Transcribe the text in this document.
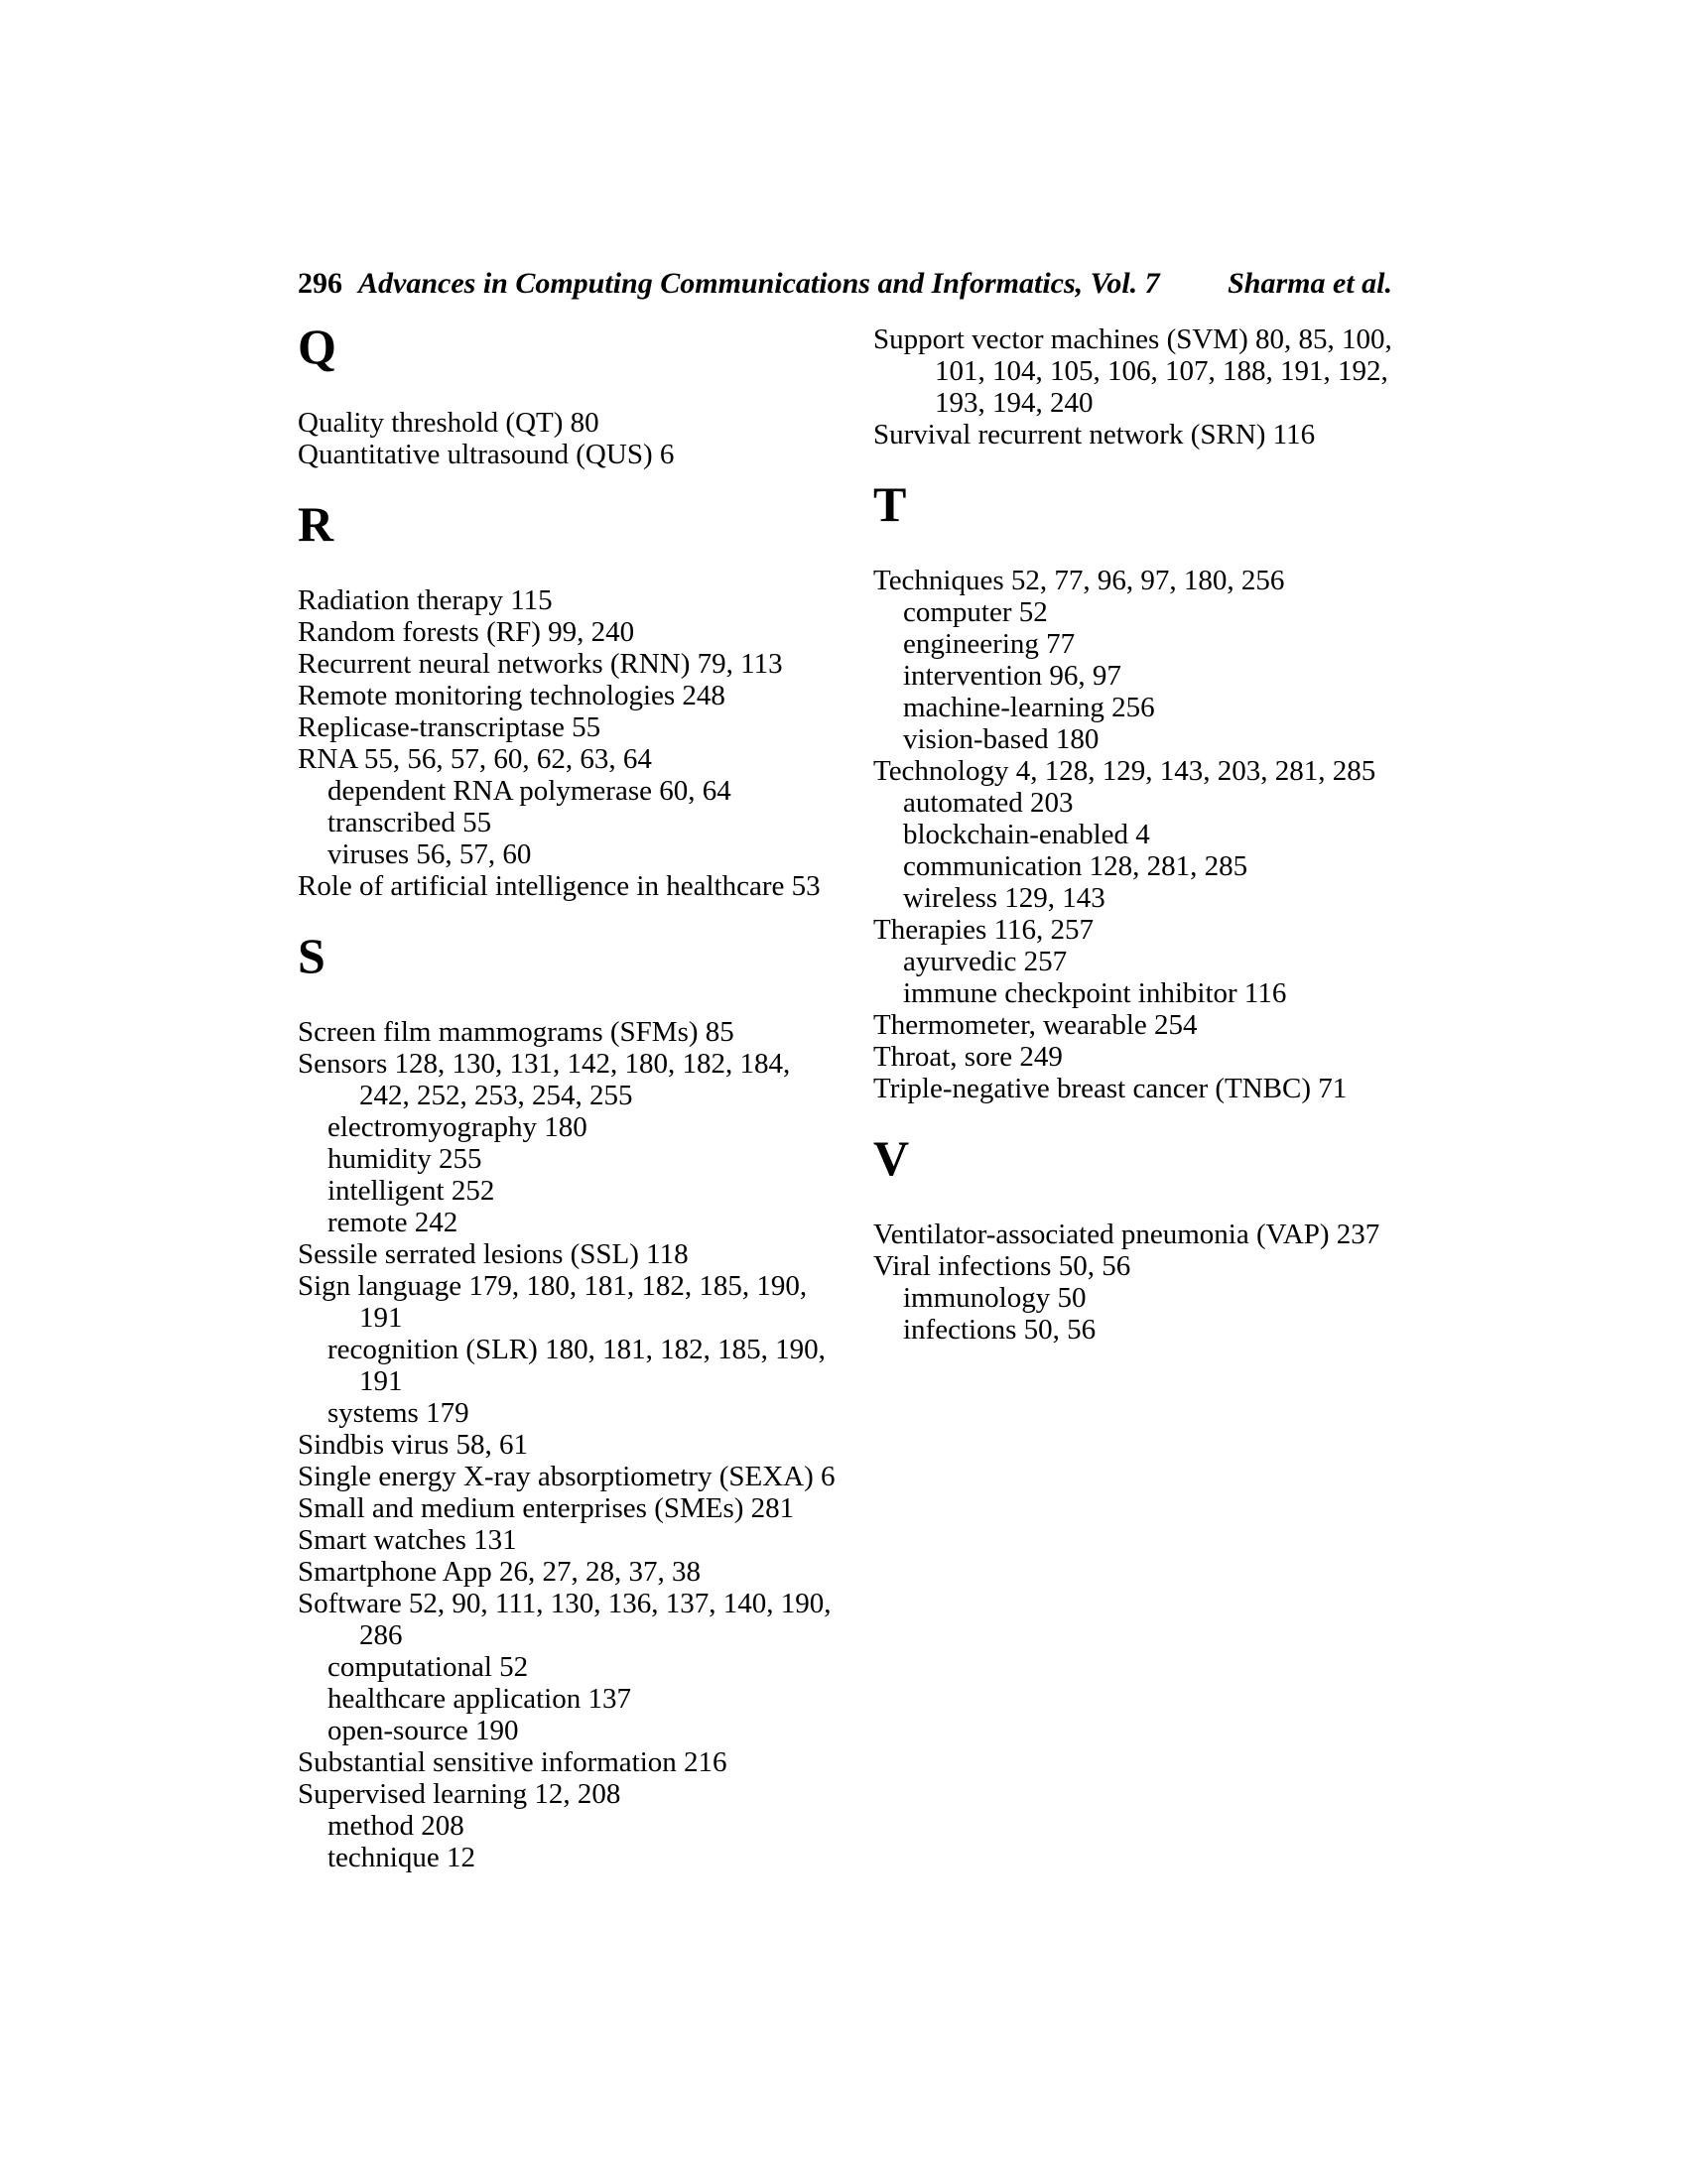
296 Advances in Computing Communications and Informatics, Vol. 7 Sharma et al.
Q
Quality threshold (QT) 80
Quantitative ultrasound (QUS) 6
R
Radiation therapy 115
Random forests (RF) 99, 240
Recurrent neural networks (RNN) 79, 113
Remote monitoring technologies 248
Replicase-transcriptase 55
RNA 55, 56, 57, 60, 62, 63, 64
dependent RNA polymerase 60, 64
transcribed 55
viruses 56, 57, 60
Role of artificial intelligence in healthcare 53
S
Screen film mammograms (SFMs) 85
Sensors 128, 130, 131, 142, 180, 182, 184,
242, 252, 253, 254, 255
electromyography 180
humidity 255
intelligent 252
remote 242
Sessile serrated lesions (SSL) 118
Sign language 179, 180, 181, 182, 185, 190,
191
recognition (SLR) 180, 181, 182, 185, 190,
191
systems 179
Sindbis virus 58, 61
Single energy X-ray absorptiometry (SEXA) 6
Small and medium enterprises (SMEs) 281
Smart watches 131
Smartphone App 26, 27, 28, 37, 38
Software 52, 90, 111, 130, 136, 137, 140, 190,
286
computational 52
healthcare application 137
open-source 190
Substantial sensitive information 216
Supervised learning 12, 208
method 208
technique 12
Support vector machines (SVM) 80, 85, 100,
101, 104, 105, 106, 107, 188, 191, 192,
193, 194, 240
Survival recurrent network (SRN) 116
T
Techniques 52, 77, 96, 97, 180, 256
computer 52
engineering 77
intervention 96, 97
machine-learning 256
vision-based 180
Technology 4, 128, 129, 143, 203, 281, 285
automated 203
blockchain-enabled 4
communication 128, 281, 285
wireless 129, 143
Therapies 116, 257
ayurvedic 257
immune checkpoint inhibitor 116
Thermometer, wearable 254
Throat, sore 249
Triple-negative breast cancer (TNBC) 71
V
Ventilator-associated pneumonia (VAP) 237
Viral infections 50, 56
immunology 50
infections 50, 56
